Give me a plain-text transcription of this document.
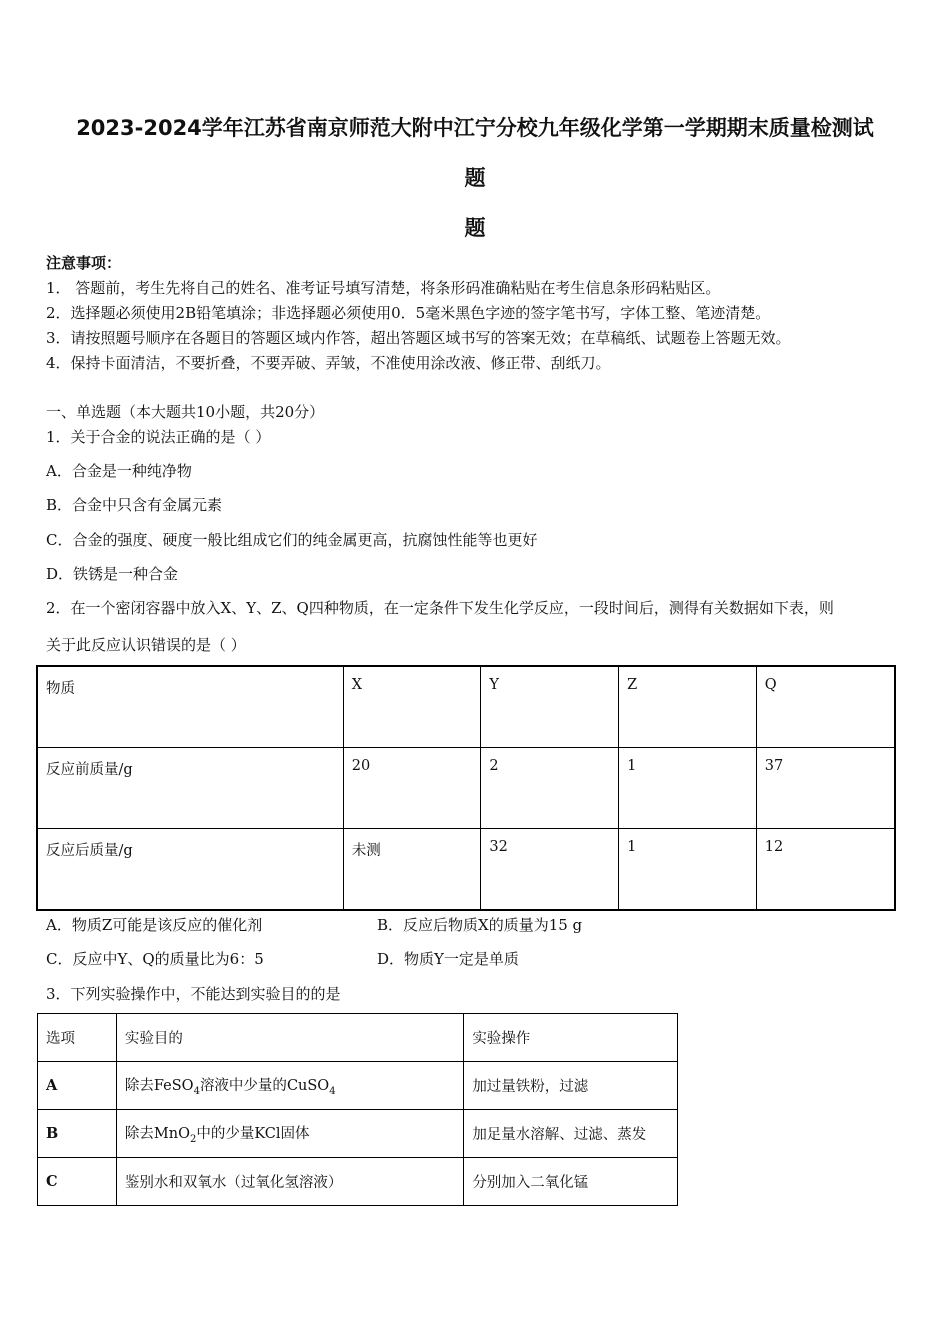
2023-2024学年江苏省南京师范大附中江宁分校九年级化学第一学期期末质量检测试
题
题
注意事项：
1． 答题前，考生先将自己的姓名、准考证号填写清楚，将条形码准确粘贴在考生信息条形码粘贴区。
2．选择题必须使用2B铅笔填涂；非选择题必须使用0．5毫米黑色字迹的签字笔书写，字体工整、笔迹清楚。
3．请按照题号顺序在各题目的答题区域内作答，超出答题区域书写的答案无效；在草稿纸、试题卷上答题无效。
4．保持卡面清洁，不要折叠，不要弄破、弄皱，不准使用涂改液、修正带、刮纸刀。
一、单选题（本大题共10小题，共20分）
1．关于合金的说法正确的是（ ）
A．合金是一种纯净物
B．合金中只含有金属元素
C．合金的强度、硬度一般比组成它们的纯金属更高，抗腐蚀性能等也更好
D．铁锈是一种合金
2．在一个密闭容器中放入X、Y、Z、Q四种物质，在一定条件下发生化学反应，一段时间后，测得有关数据如下表，则
关于此反应认识错误的是（ ）
物质	X	Y	Z	Q
反应前质量/g	20	2	1	37
反应后质量/g	未测	32	1	12
A．物质Z可能是该反应的催化剂	B．反应后物质X的质量为15 g
C．反应中Y、Q的质量比为6：5	D．物质Y一定是单质
3．下列实验操作中，不能达到实验目的的是
选项	实验目的	实验操作
A	除去FeSO$_4$溶液中少量的CuSO$_4$	加过量铁粉，过滤
B	除去MnO$_2$中的少量KCl固体	加足量水溶解、过滤、蒸发
C	鉴别水和双氧水（过氧化氢溶液）	分别加入二氧化锰
